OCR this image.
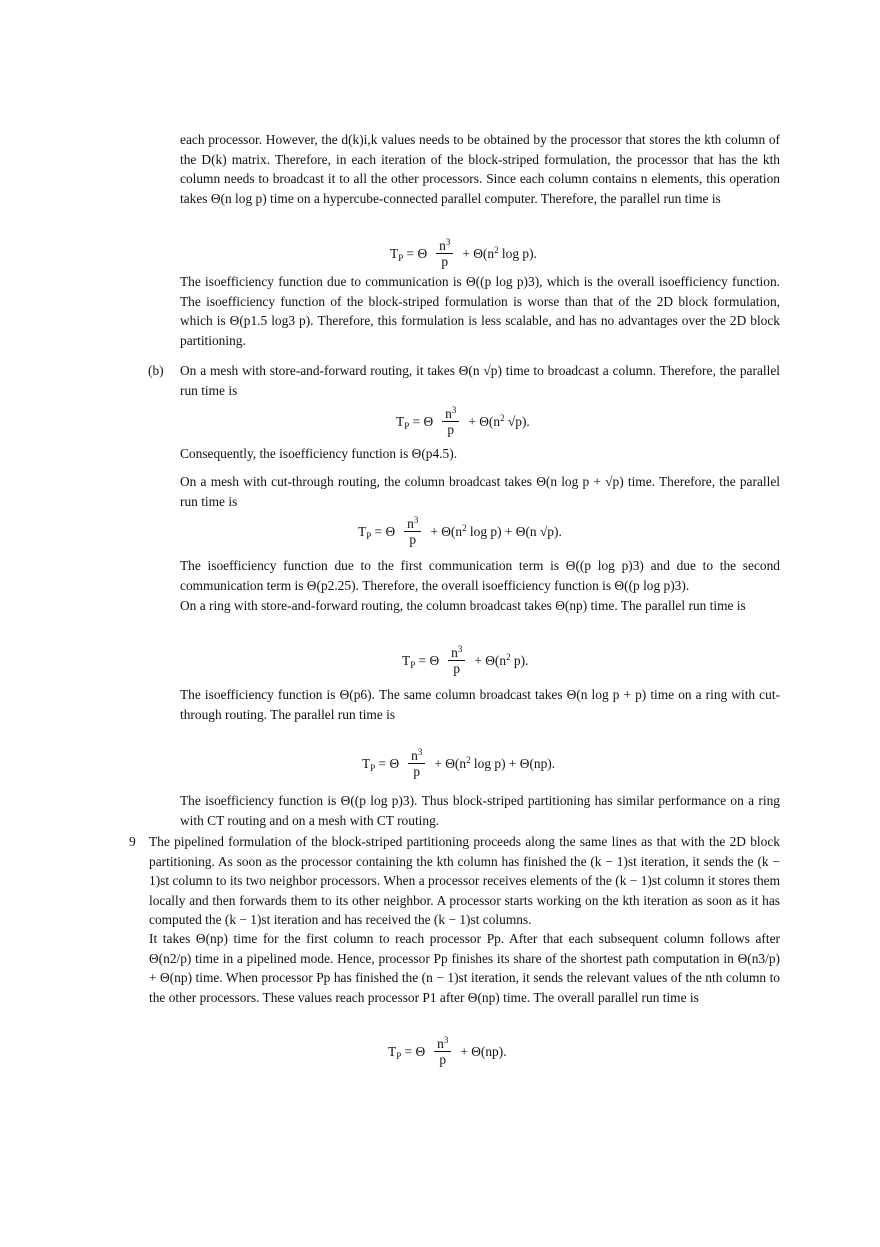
each processor. However, the d(k)i,k values needs to be obtained by the processor that stores the kth column of the D(k) matrix. Therefore, in each iteration of the block-striped formulation, the processor that has the kth column needs to broadcast it to all the other processors. Since each column contains n elements, this operation takes Θ(n log p) time on a hypercube-connected parallel computer. Therefore, the parallel run time is

$T_P = \Theta \frac{n^3}{p} + \Theta(n^2$ log p).

The isoefficiency function due to communication is Θ((p log p)3), which is the overall isoefficiency function. The isoefficiency function of the block-striped formulation is worse than that of the 2D block formulation, which is Θ(p1.5 log3 p). Therefore, this formulation is less scalable, and has no advantages over the 2D block partitioning.

(b) On a mesh with store-and-forward routing, it takes Θ(n √p) time to broadcast a column. Therefore, the parallel run time is

$T_P = \Theta \frac{n^3}{p} + \Theta(n^2$ √p).

Consequently, the isoefficiency function is Θ(p4.5).

On a mesh with cut-through routing, the column broadcast takes Θ(n log p + √p) time. Therefore, the parallel run time is

$T_P = \Theta \frac{n^3}{p} + \Theta(n^2$ log p) + Θ(n √p).

The isoefficiency function due to the first communication term is Θ((p log p)3) and due to the second communication term is Θ(p2.25). Therefore, the overall isoefficiency function is Θ((p log p)3).

On a ring with store-and-forward routing, the column broadcast takes Θ(np) time. The parallel run time is

$T_P = \Theta \frac{n^3}{p} + \Theta(n^2$ p).

The isoefficiency function is Θ(p6). The same column broadcast takes Θ(n log p + p) time on a ring with cut-through routing. The parallel run time is

$T_P = \Theta \frac{n^3}{p} + \Theta(n^2$ log p) + Θ(np).

The isoefficiency function is Θ((p log p)3). Thus block-striped partitioning has similar performance on a ring with CT routing and on a mesh with CT routing.

9 The pipelined formulation of the block-striped partitioning proceeds along the same lines as that with the 2D block partitioning. As soon as the processor containing the kth column has finished the (k − 1)st iteration, it sends the (k − 1)st column to its two neighbor processors. When a processor receives elements of the (k − 1)st column it stores them locally and then forwards them to its other neighbor. A processor starts working on the kth iteration as soon as it has computed the (k − 1)st iteration and has received the (k − 1)st columns.

It takes Θ(np) time for the first column to reach processor Pp. After that each subsequent column follows after Θ(n2/p) time in a pipelined mode. Hence, processor Pp finishes its share of the shortest path computation in Θ(n3/p) + Θ(np) time. When processor Pp has finished the (n − 1)st iteration, it sends the relevant values of the nth column to the other processors. These values reach processor P1 after Θ(np) time. The overall parallel run time is

$T_P = \Theta \frac{n^3}{p} + \Theta(np)$.
